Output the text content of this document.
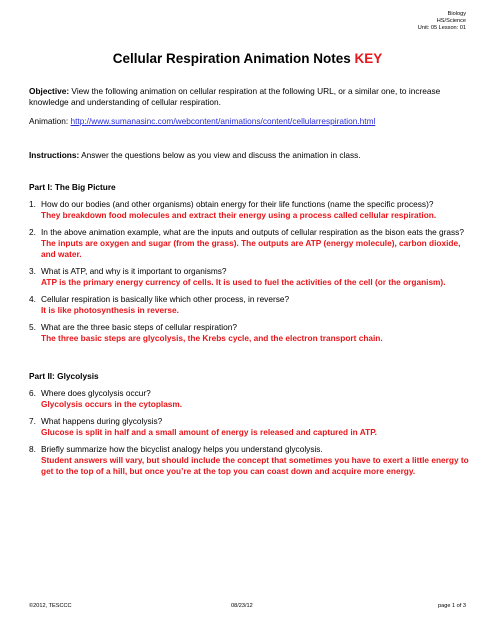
Biology
HS/Science
Unit: 05 Lesson: 01
Cellular Respiration Animation Notes KEY

Objective: View the following animation on cellular respiration at the following URL, or a similar one, to increase knowledge and understanding of cellular respiration.

Animation: http://www.sumanasinc.com/webcontent/animations/content/cellularrespiration.html

Instructions: Answer the questions below as you view and discuss the animation in class.

Part I: The Big Picture

1. How do our bodies (and other organisms) obtain energy for their life functions (name the specific process)?
They breakdown food molecules and extract their energy using a process called cellular respiration.
2. In the above animation example, what are the inputs and outputs of cellular respiration as the bison eats the grass?
The inputs are oxygen and sugar (from the grass). The outputs are ATP (energy molecule), carbon dioxide, and water.
3. What is ATP, and why is it important to organisms?
ATP is the primary energy currency of cells. It is used to fuel the activities of the cell (or the organism).
4. Cellular respiration is basically like which other process, in reverse?
It is like photosynthesis in reverse.
5. What are the three basic steps of cellular respiration?
The three basic steps are glycolysis, the Krebs cycle, and the electron transport chain.

Part II: Glycolysis

6. Where does glycolysis occur?
Glycolysis occurs in the cytoplasm.
7. What happens during glycolysis?
Glucose is split in half and a small amount of energy is released and captured in ATP.
8. Briefly summarize how the bicyclist analogy helps you understand glycolysis.
Student answers will vary, but should include the concept that sometimes you have to exert a little energy to get to the top of a hill, but once you’re at the top you can coast down and acquire more energy.
©2012, TESCCC	08/23/12	page 1 of 3
